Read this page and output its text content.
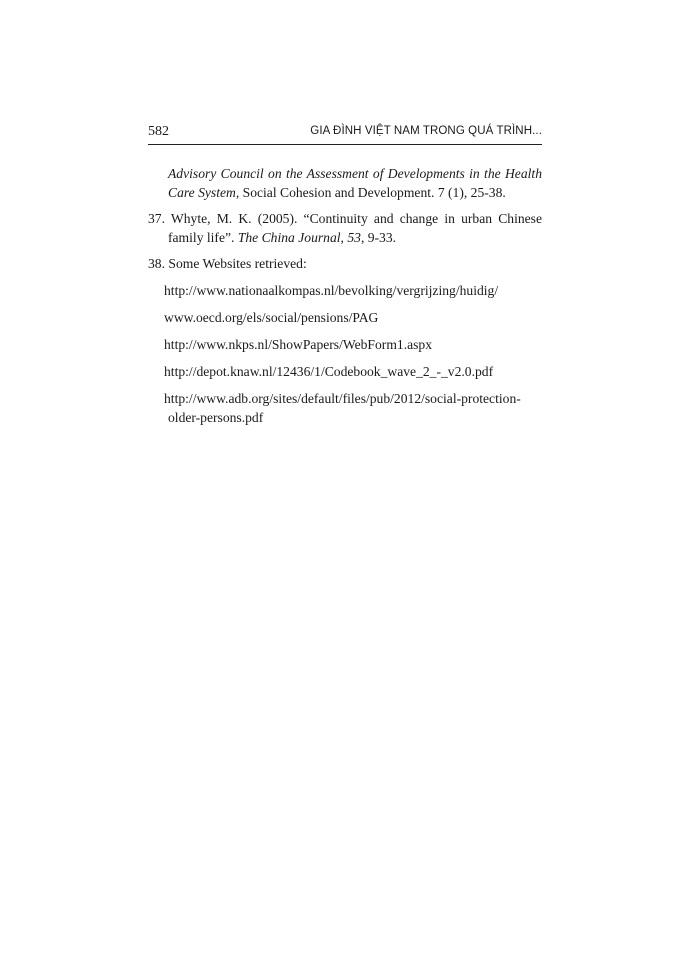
582	GIA ĐÌNH VIỆT NAM TRONG QUÁ TRÌNH...
Advisory Council on the Assessment of Developments in the Health Care System, Social Cohesion and Development. 7 (1), 25-38.
37. Whyte, M. K. (2005). “Continuity and change in urban Chinese family life”. The China Journal, 53, 9-33.
38. Some Websites retrieved:
http://www.nationaalkompas.nl/bevolking/vergrijzing/huidig/
www.oecd.org/els/social/pensions/PAG
http://www.nkps.nl/ShowPapers/WebForm1.aspx
http://depot.knaw.nl/12436/1/Codebook_wave_2_-_v2.0.pdf
http://www.adb.org/sites/default/files/pub/2012/social-protection-older-persons.pdf
